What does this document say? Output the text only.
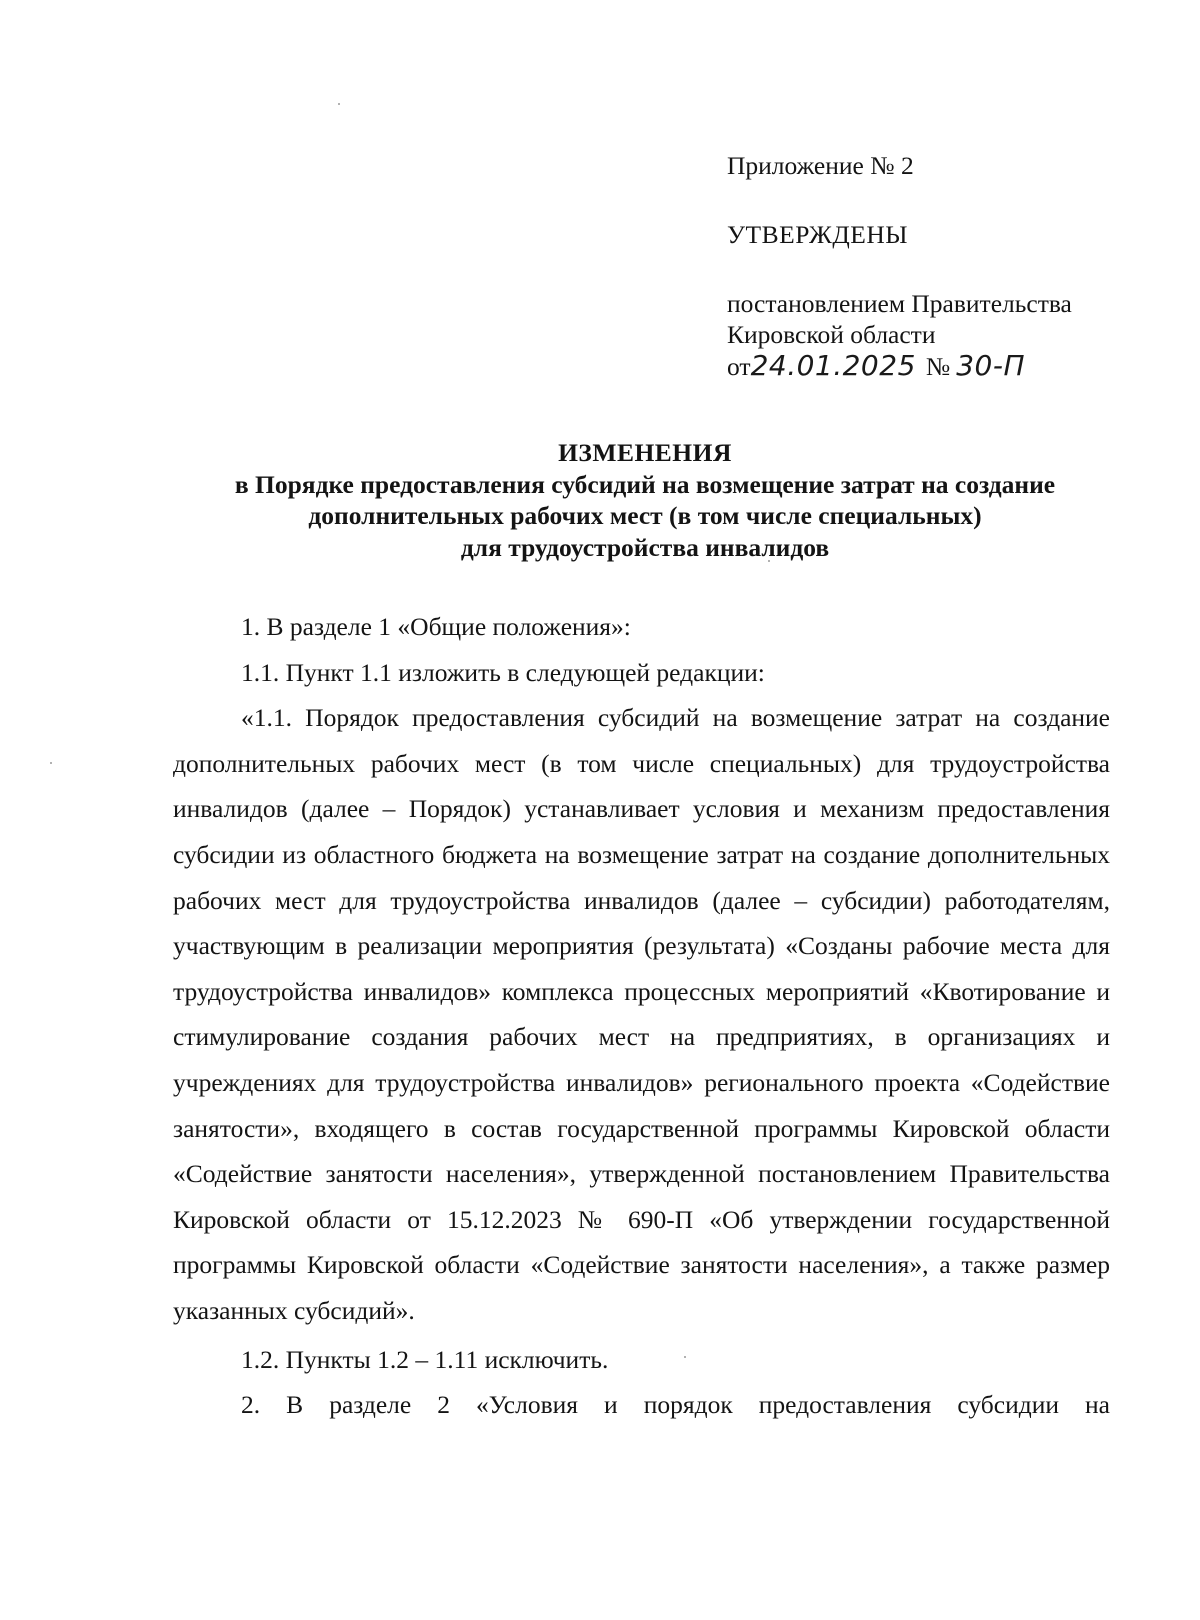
Приложение № 2
УТВЕРЖДЕНЫ
постановлением Правительства
Кировской области
от24.01.2025 № 30-П
ИЗМЕНЕНИЯ
в Порядке предоставления субсидий на возмещение затрат на создание
дополнительных рабочих мест (в том числе специальных)
для трудоустройства инвалидов

1. В разделе 1 «Общие положения»:

1.1. Пункт 1.1 изложить в следующей редакции:

«1.1. Порядок предоставления субсидий на возмещение затрат на создание дополнительных рабочих мест (в том числе специальных) для трудоустройства инвалидов (далее – Порядок) устанавливает условия и механизм предоставления субсидии из областного бюджета на возмещение затрат на создание дополнительных рабочих мест для трудоустройства инвалидов (далее – субсидии) работодателям, участвующим в реализации мероприятия (результата) «Созданы рабочие места для трудоустройства инвалидов» комплекса процессных мероприятий «Квотирование и стимулирование создания рабочих мест на предприятиях, в организациях и учреждениях для трудоустройства инвалидов» регионального проекта «Содействие занятости», входящего в состав государственной программы Кировской области «Содействие занятости населения», утвержденной постановлением Правительства Кировской области от 15.12.2023 № 690-П «Об утверждении государственной программы Кировской области «Содействие занятости населения», а также размер указанных субсидий».

1.2. Пункты 1.2 – 1.11 исключить.

2. В разделе 2 «Условия и порядок предоставления субсидии на
